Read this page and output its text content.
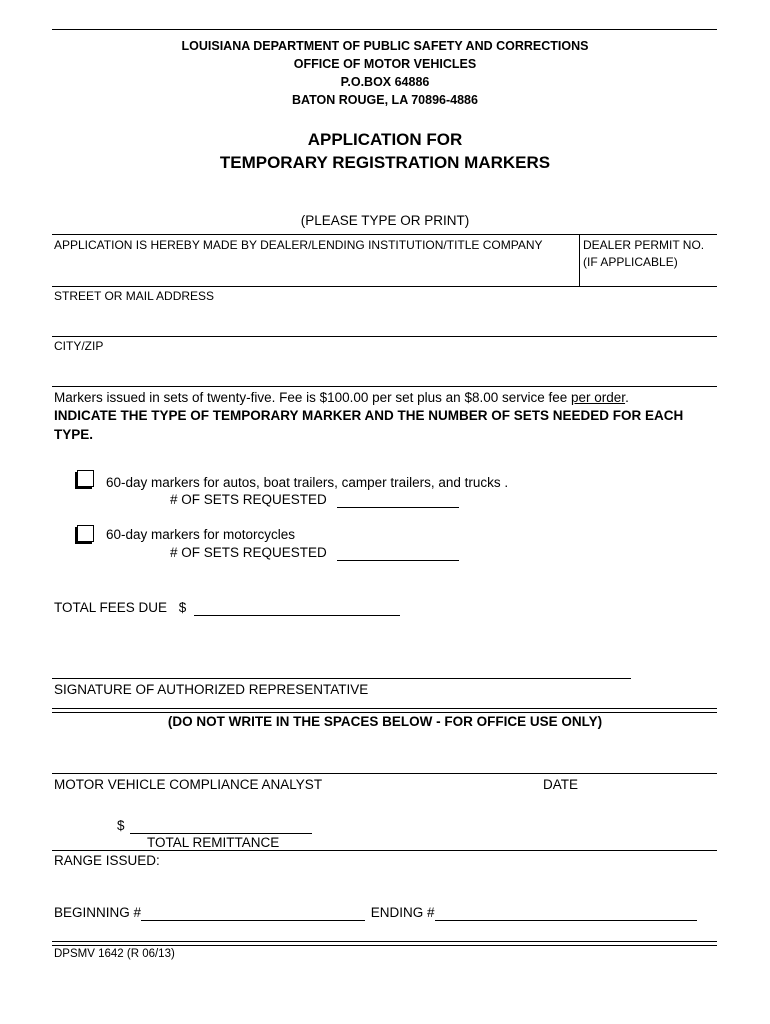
LOUISIANA DEPARTMENT OF PUBLIC SAFETY AND CORRECTIONS
OFFICE OF MOTOR VEHICLES
P.O.BOX 64886
BATON ROUGE, LA 70896-4886
APPLICATION FOR
TEMPORARY REGISTRATION MARKERS
(PLEASE TYPE OR PRINT)
APPLICATION IS HEREBY MADE BY DEALER/LENDING INSTITUTION/TITLE COMPANY	DEALER PERMIT NO.
(IF APPLICABLE)
STREET OR MAIL ADDRESS
CITY/ZIP
Markers issued in sets of twenty-five. Fee is $100.00 per set plus an $8.00 service fee per order.
INDICATE THE TYPE OF TEMPORARY MARKER AND THE NUMBER OF SETS NEEDED FOR EACH
TYPE.
60-day markers for autos, boat trailers, camper trailers, and trucks .
# OF SETS REQUESTED
60-day markers for motorcycles
# OF SETS REQUESTED
TOTAL FEES DUE $
SIGNATURE OF AUTHORIZED REPRESENTATIVE
(DO NOT WRITE IN THE SPACES BELOW - FOR OFFICE USE ONLY)
MOTOR VEHICLE COMPLIANCE ANALYST	DATE
$
TOTAL REMITTANCE
RANGE ISSUED:
BEGINNING #	ENDING #
DPSMV 1642 (R 06/13)
